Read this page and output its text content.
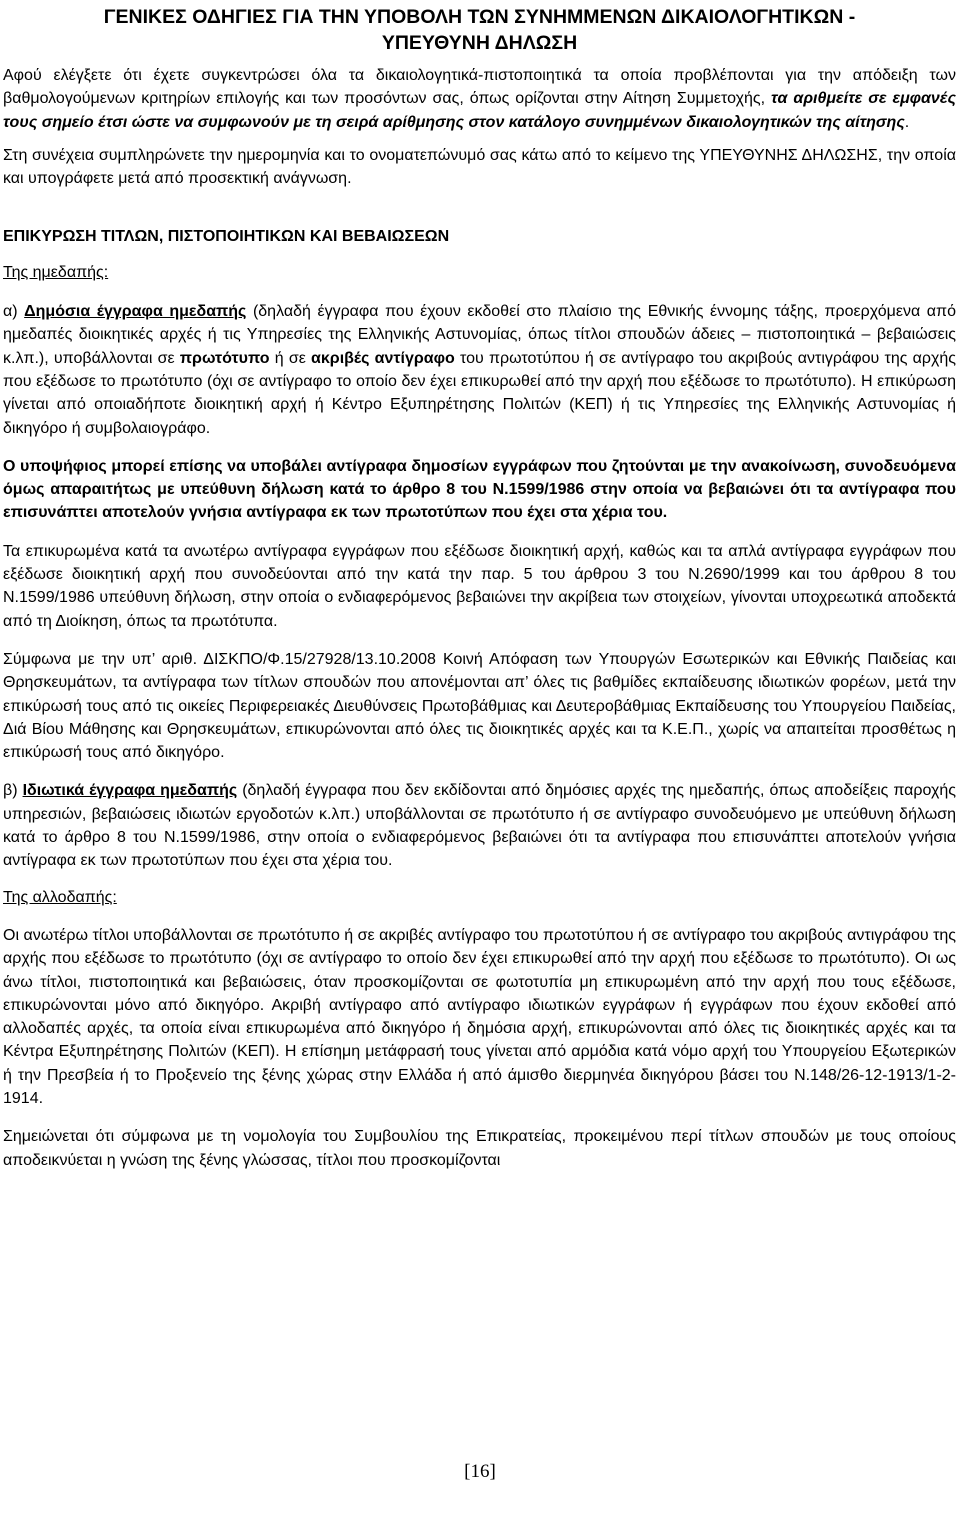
ΓΕΝΙΚΕΣ ΟΔΗΓΙΕΣ ΓΙΑ ΤΗΝ ΥΠΟΒΟΛΗ ΤΩΝ ΣΥΝΗΜΜΕΝΩΝ ΔΙΚΑΙΟΛΟΓΗΤΙΚΩΝ -
ΥΠΕΥΘΥΝΗ ΔΗΛΩΣΗ

Αφού ελέγξετε ότι έχετε συγκεντρώσει όλα τα δικαιολογητικά-πιστοποιητικά τα οποία προβλέπονται για την απόδειξη των βαθμολογούμενων κριτηρίων επιλογής και των προσόντων σας, όπως ορίζονται στην Αίτηση Συμμετοχής, τα αριθμείτε σε εμφανές τους σημείο έτσι ώστε να συμφωνούν με τη σειρά αρίθμησης στον κατάλογο συνημμένων δικαιολογητικών της αίτησης.

Στη συνέχεια συμπληρώνετε την ημερομηνία και το ονοματεπώνυμό σας κάτω από το κείμενο της ΥΠΕΥΘΥΝΗΣ ΔΗΛΩΣΗΣ, την οποία και υπογράφετε μετά από προσεκτική ανάγνωση.

ΕΠΙΚΥΡΩΣΗ ΤΙΤΛΩΝ, ΠΙΣΤΟΠΟΙΗΤΙΚΩΝ ΚΑΙ ΒΕΒΑΙΩΣΕΩΝ

Της ημεδαπής:

α) Δημόσια έγγραφα ημεδαπής (δηλαδή έγγραφα που έχουν εκδοθεί στο πλαίσιο της Εθνικής έννομης τάξης, προερχόμενα από ημεδαπές διοικητικές αρχές ή τις Υπηρεσίες της Ελληνικής Αστυνομίας, όπως τίτλοι σπουδών άδειες – πιστοποιητικά – βεβαιώσεις κ.λπ.), υποβάλλονται σε πρωτότυπο ή σε ακριβές αντίγραφο του πρωτοτύπου ή σε αντίγραφο του ακριβούς αντιγράφου της αρχής που εξέδωσε το πρωτότυπο (όχι σε αντίγραφο το οποίο δεν έχει επικυρωθεί από την αρχή που εξέδωσε το πρωτότυπο). Η επικύρωση γίνεται από οποιαδήποτε διοικητική αρχή ή Κέντρο Εξυπηρέτησης Πολιτών (ΚΕΠ) ή τις Υπηρεσίες της Ελληνικής Αστυνομίας ή δικηγόρο ή συμβολαιογράφο.

Ο υποψήφιος μπορεί επίσης να υποβάλει αντίγραφα δημοσίων εγγράφων που ζητούνται με την ανακοίνωση, συνοδευόμενα όμως απαραιτήτως με υπεύθυνη δήλωση κατά το άρθρο 8 του Ν.1599/1986 στην οποία να βεβαιώνει ότι τα αντίγραφα που επισυνάπτει αποτελούν γνήσια αντίγραφα εκ των πρωτοτύπων που έχει στα χέρια του.

Τα επικυρωμένα κατά τα ανωτέρω αντίγραφα εγγράφων που εξέδωσε διοικητική αρχή, καθώς και τα απλά αντίγραφα εγγράφων που εξέδωσε διοικητική αρχή που συνοδεύονται από την κατά την παρ. 5 του άρθρου 3 του Ν.2690/1999 και του άρθρου 8 του Ν.1599/1986 υπεύθυνη δήλωση, στην οποία ο ενδιαφερόμενος βεβαιώνει την ακρίβεια των στοιχείων, γίνονται υποχρεωτικά αποδεκτά από τη Διοίκηση, όπως τα πρωτότυπα.

Σύμφωνα με την υπ’ αριθ. ΔΙΣΚΠΟ/Φ.15/27928/13.10.2008 Κοινή Απόφαση των Υπουργών Εσωτερικών και Εθνικής Παιδείας και Θρησκευμάτων, τα αντίγραφα των τίτλων σπουδών που απονέμονται απ’ όλες τις βαθμίδες εκπαίδευσης ιδιωτικών φορέων, μετά την επικύρωσή τους από τις οικείες Περιφερειακές Διευθύνσεις Πρωτοβάθμιας και Δευτεροβάθμιας Εκπαίδευσης του Υπουργείου Παιδείας, Διά Βίου Μάθησης και Θρησκευμάτων, επικυρώνονται από όλες τις διοικητικές αρχές και τα Κ.Ε.Π., χωρίς να απαιτείται προσθέτως η επικύρωσή τους από δικηγόρο.

β) Ιδιωτικά έγγραφα ημεδαπής (δηλαδή έγγραφα που δεν εκδίδονται από δημόσιες αρχές της ημεδαπής, όπως αποδείξεις παροχής υπηρεσιών, βεβαιώσεις ιδιωτών εργοδοτών κ.λπ.) υποβάλλονται σε πρωτότυπο ή σε αντίγραφο συνοδευόμενο με υπεύθυνη δήλωση κατά το άρθρο 8 του Ν.1599/1986, στην οποία ο ενδιαφερόμενος βεβαιώνει ότι τα αντίγραφα που επισυνάπτει αποτελούν γνήσια αντίγραφα εκ των πρωτοτύπων που έχει στα χέρια του.

Της αλλοδαπής:

Οι ανωτέρω τίτλοι υποβάλλονται σε πρωτότυπο ή σε ακριβές αντίγραφο του πρωτοτύπου ή σε αντίγραφο του ακριβούς αντιγράφου της αρχής που εξέδωσε το πρωτότυπο (όχι σε αντίγραφο το οποίο δεν έχει επικυρωθεί από την αρχή που εξέδωσε το πρωτότυπο). Οι ως άνω τίτλοι, πιστοποιητικά και βεβαιώσεις, όταν προσκομίζονται σε φωτοτυπία μη επικυρωμένη από την αρχή που τους εξέδωσε, επικυρώνονται μόνο από δικηγόρο. Ακριβή αντίγραφο από αντίγραφο ιδιωτικών εγγράφων ή εγγράφων που έχουν εκδοθεί από αλλοδαπές αρχές, τα οποία είναι επικυρωμένα από δικηγόρο ή δημόσια αρχή, επικυρώνονται από όλες τις διοικητικές αρχές και τα Κέντρα Εξυπηρέτησης Πολιτών (ΚΕΠ). Η επίσημη μετάφρασή τους γίνεται από αρμόδια κατά νόμο αρχή του Υπουργείου Εξωτερικών ή την Πρεσβεία ή το Προξενείο της ξένης χώρας στην Ελλάδα ή από άμισθο διερμηνέα δικηγόρου βάσει του Ν.148/26-12-1913/1-2-1914.

Σημειώνεται ότι σύμφωνα με τη νομολογία του Συμβουλίου της Επικρατείας, προκειμένου περί τίτλων σπουδών με τους οποίους αποδεικνύεται η γνώση της ξένης γλώσσας, τίτλοι που προσκομίζονται

[16]
